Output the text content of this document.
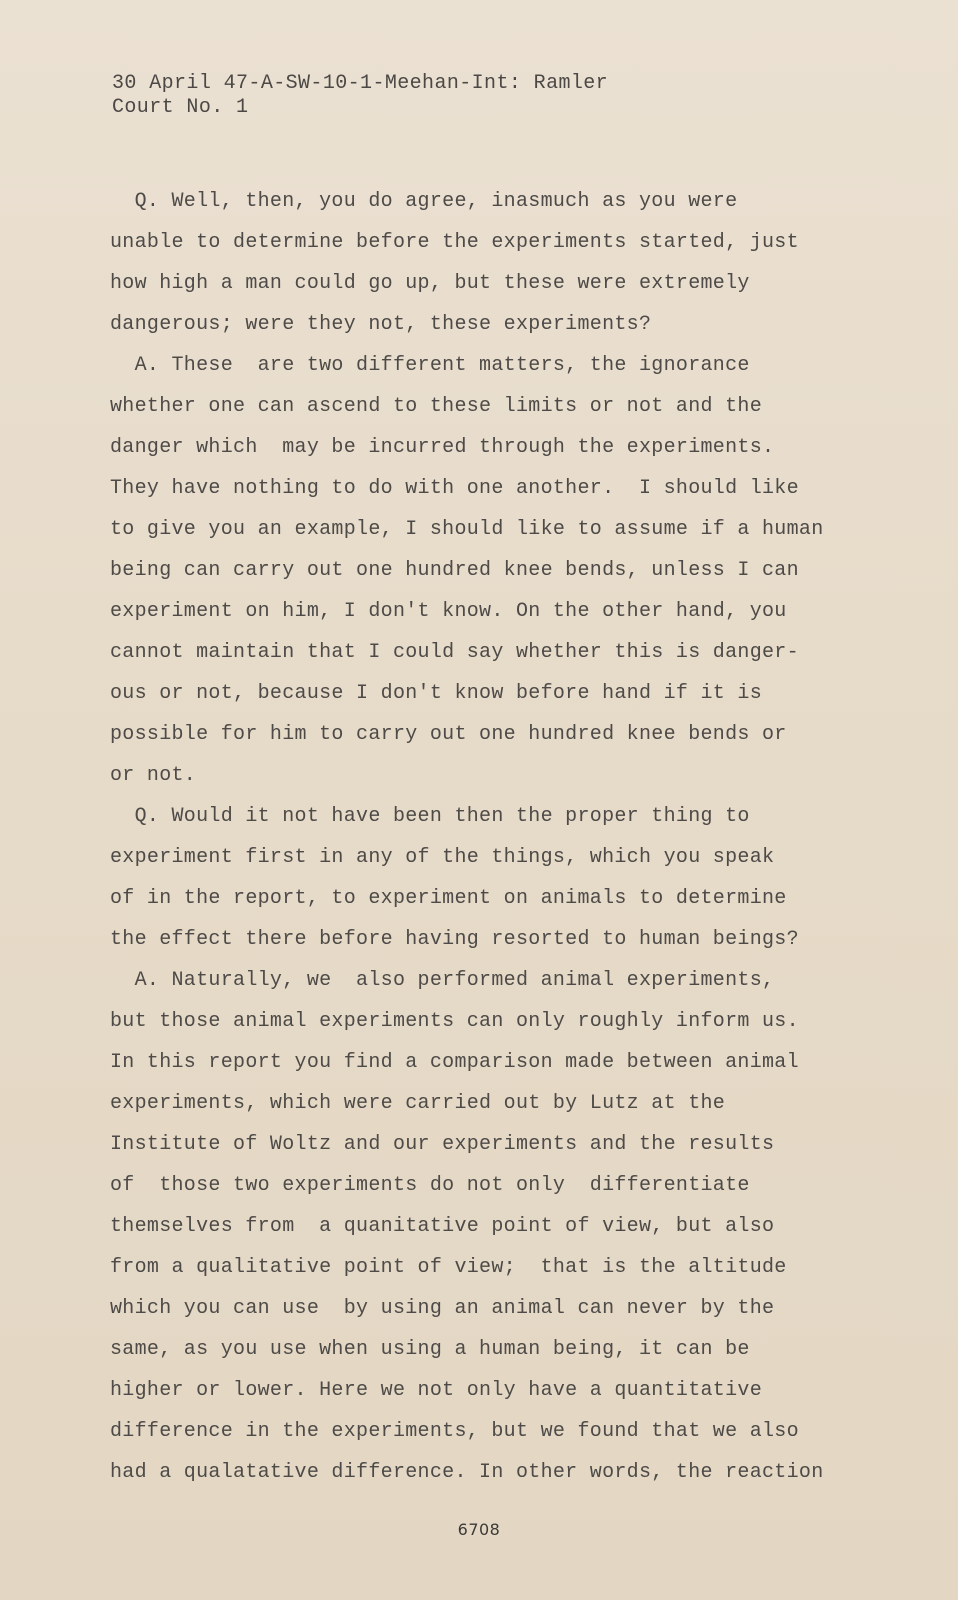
30 April 47-A-SW-10-1-Meehan-Int: Ramler
Court No. 1
Q. Well, then, you do agree, inasmuch as you were
unable to determine before the experiments started, just
how high a man could go up, but these were extremely
dangerous; were they not, these experiments?
A. These  are two different matters, the ignorance
whether one can ascend to these limits or not and the
danger which  may be incurred through the experiments.
They have nothing to do with one another.  I should like
to give you an example, I should like to assume if a human
being can carry out one hundred knee bends, unless I can
experiment on him, I don't know. On the other hand, you
cannot maintain that I could say whether this is danger-
ous or not, because I don't know before hand if it is
possible for him to carry out one hundred knee bends or
or not.
Q. Would it not have been then the proper thing to
experiment first in any of the things, which you speak
of in the report, to experiment on animals to determine
the effect there before having resorted to human beings?
A. Naturally, we  also performed animal experiments,
but those animal experiments can only roughly inform us.
In this report you find a comparison made between animal
experiments, which were carried out by Lutz at the
Institute of Woltz and our experiments and the results
of  those two experiments do not only  differentiate
themselves from  a quanitative point of view, but also
from a qualitative point of view;  that is the altitude
which you can use  by using an animal can never by the
same, as you use when using a human being, it can be
higher or lower. Here we not only have a quantitative
difference in the experiments, but we found that we also
had a qualatative difference. In other words, the reaction
6708
